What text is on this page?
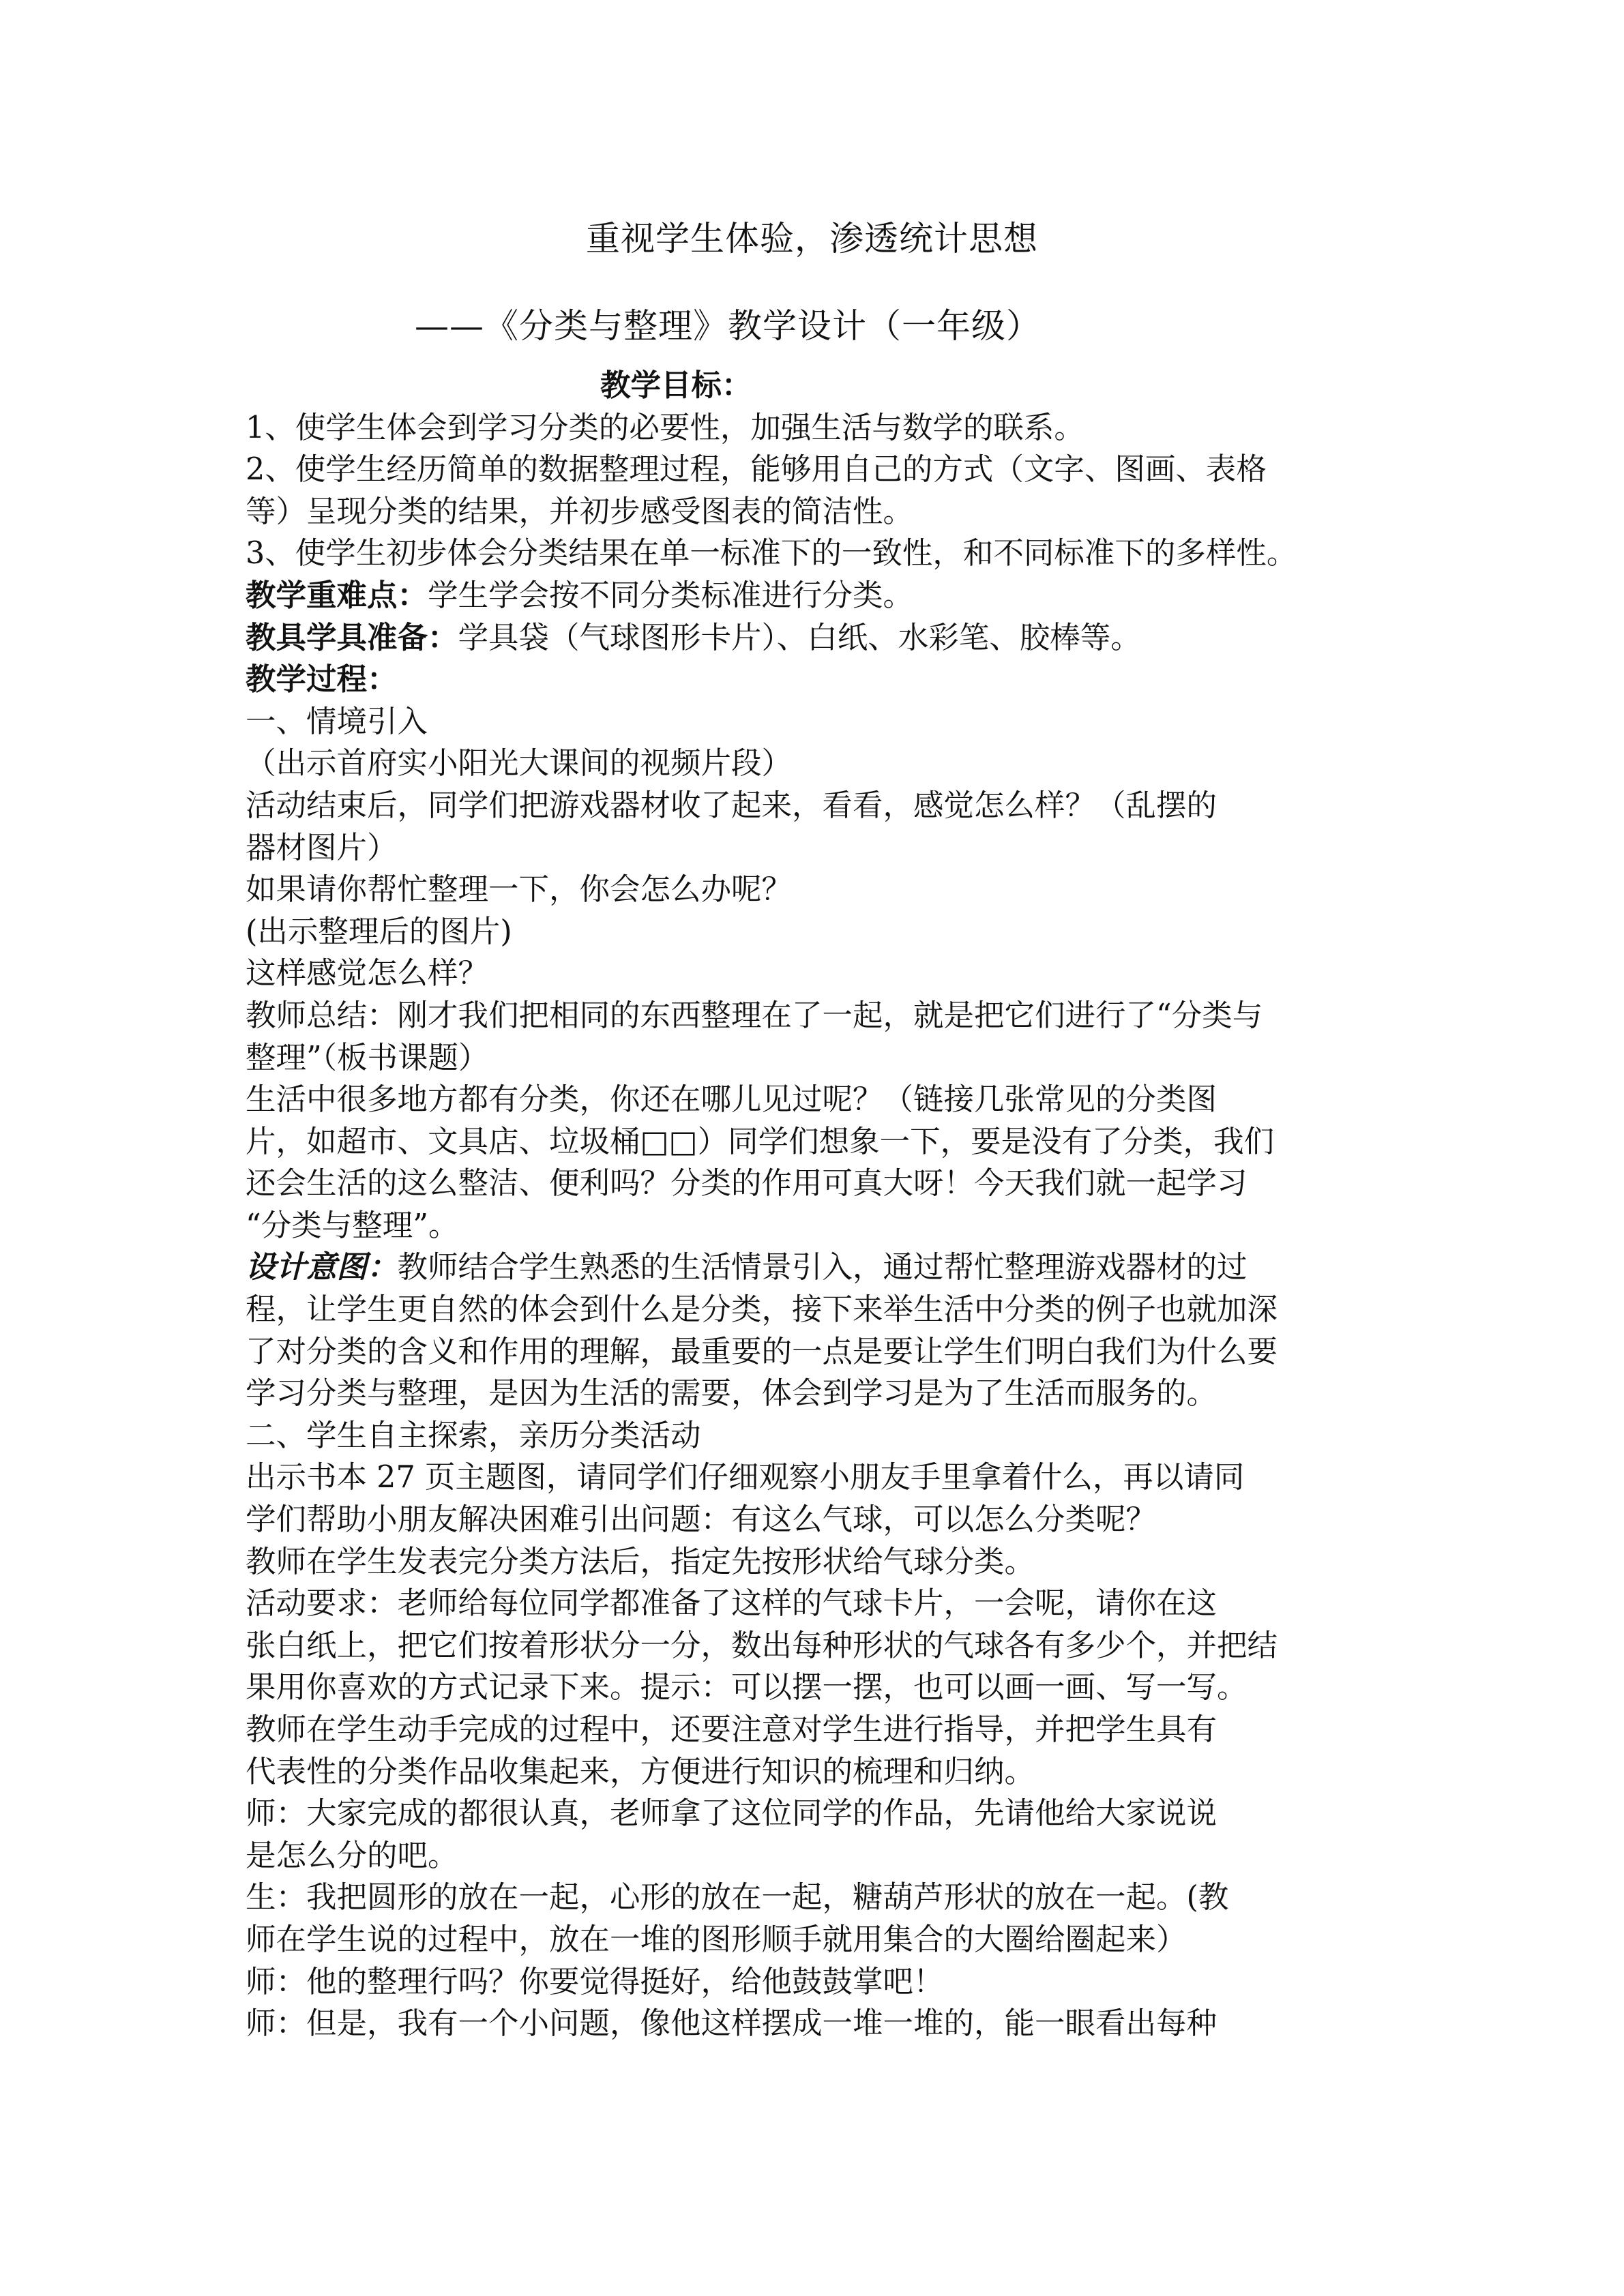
重视学生体验，渗透统计思想
——《分类与整理》教学设计（一年级）

教学目标：

1、使学生体会到学习分类的必要性，加强生活与数学的联系。

2、使学生经历简单的数据整理过程，能够用自己的方式（文字、图画、表格

等）呈现分类的结果，并初步感受图表的简洁性。

3、使学生初步体会分类结果在单一标准下的一致性，和不同标准下的多样性。

教学重难点：学生学会按不同分类标准进行分类。

教具学具准备：学具袋（气球图形卡片）、白纸、水彩笔、胶棒等。

教学过程：

一、情境引入

（出示首府实小阳光大课间的视频片段）

活动结束后，同学们把游戏器材收了起来，看看，感觉怎么样？（乱摆的

器材图片）

如果请你帮忙整理一下，你会怎么办呢？

(出示整理后的图片)

这样感觉怎么样？

教师总结：刚才我们把相同的东西整理在了一起，就是把它们进行了“分类与

整理”（板书课题）

生活中很多地方都有分类，你还在哪儿见过呢？（链接几张常见的分类图

片，如超市、文具店、垃圾桶□□）同学们想象一下，要是没有了分类，我们

还会生活的这么整洁、便利吗？分类的作用可真大呀！今天我们就一起学习

“分类与整理”。

设计意图：教师结合学生熟悉的生活情景引入，通过帮忙整理游戏器材的过

程，让学生更自然的体会到什么是分类，接下来举生活中分类的例子也就加深

了对分类的含义和作用的理解，最重要的一点是要让学生们明白我们为什么要

学习分类与整理，是因为生活的需要，体会到学习是为了生活而服务的。

二、学生自主探索，亲历分类活动

出示书本 27 页主题图，请同学们仔细观察小朋友手里拿着什么，再以请同

学们帮助小朋友解决困难引出问题：有这么气球，可以怎么分类呢？

教师在学生发表完分类方法后，指定先按形状给气球分类。

活动要求：老师给每位同学都准备了这样的气球卡片，一会呢，请你在这

张白纸上，把它们按着形状分一分，数出每种形状的气球各有多少个，并把结

果用你喜欢的方式记录下来。提示：可以摆一摆，也可以画一画、写一写。

教师在学生动手完成的过程中，还要注意对学生进行指导，并把学生具有

代表性的分类作品收集起来，方便进行知识的梳理和归纳。

师：大家完成的都很认真，老师拿了这位同学的作品，先请他给大家说说

是怎么分的吧。

生：我把圆形的放在一起，心形的放在一起，糖葫芦形状的放在一起。(教

师在学生说的过程中，放在一堆的图形顺手就用集合的大圈给圈起来）

师：他的整理行吗？你要觉得挺好，给他鼓鼓掌吧！

师：但是，我有一个小问题，像他这样摆成一堆一堆的，能一眼看出每种
